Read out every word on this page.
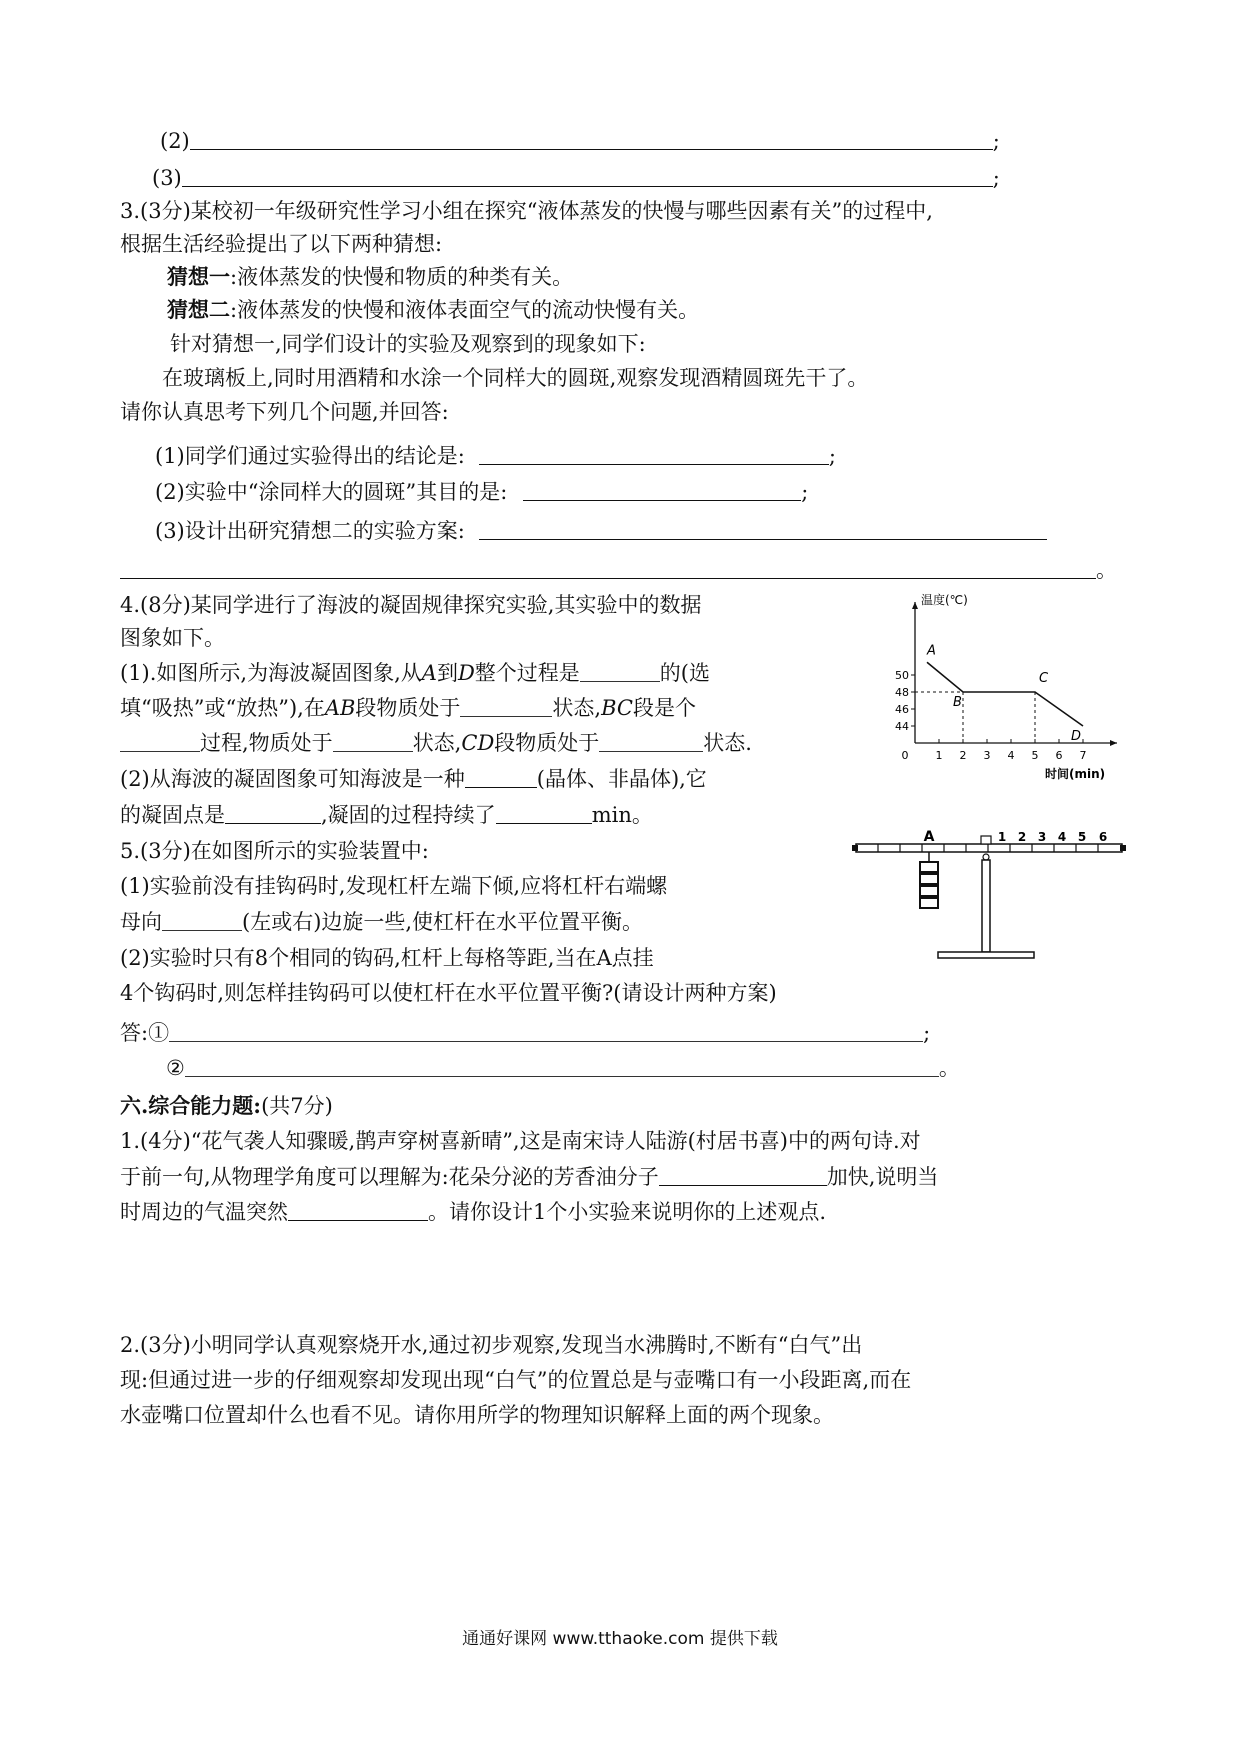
(2)	;
(3)	;
3.(3分)某校初一年级研究性学习小组在探究“液体蒸发的快慢与哪些因素有关”的过程中,
根据生活经验提出了以下两种猜想:
猜想一:液体蒸发的快慢和物质的种类有关。
猜想二:液体蒸发的快慢和液体表面空气的流动快慢有关。
针对猜想一,同学们设计的实验及观察到的现象如下:
在玻璃板上,同时用酒精和水涂一个同样大的圆斑,观察发现酒精圆斑先干了。
请你认真思考下列几个问题,并回答:
(1)同学们通过实验得出的结论是:	;
(2)实验中“涂同样大的圆斑”其目的是:	;
(3)设计出研究猜想二的实验方案:
。
4.(8分)某同学进行了海波的凝固规律探究实验,其实验中的数据
图象如下。
(1).如图所示,为海波凝固图象,从A到D整个过程是	的(选
填“吸热”或“放热”),在AB段物质处于	状态,BC段是个
过程,物质处于	状态,CD段物质处于	状态.
(2)从海波的凝固图象可知海波是一种	(晶体、非晶体),它
的凝固点是	,凝固的过程持续了	min。
温度(℃)
时间(min)
44
46
48
50
0 1 2 3 4 5 6 7
A
B
C
D
5.(3分)在如图所示的实验装置中:
(1)实验前没有挂钩码时,发现杠杆左端下倾,应将杠杆右端螺
母向	(左或右)边旋一些,使杠杆在水平位置平衡。
(2)实验时只有8个相同的钩码,杠杆上每格等距,当在A点挂
4个钩码时,则怎样挂钩码可以使杠杆在水平位置平衡?(请设计两种方案)
答:①	;
②	。
A	1 2 3 4 5 6
六.综合能力题:(共7分)
1.(4分)“花气袭人知骤暖,鹊声穿树喜新晴”,这是南宋诗人陆游(村居书喜)中的两句诗.对
于前一句,从物理学角度可以理解为:花朵分泌的芳香油分子	加快,说明当
时周边的气温突然	。请你设计1个小实验来说明你的上述观点.
2.(3分)小明同学认真观察烧开水,通过初步观察,发现当水沸腾时,不断有“白气”出
现:但通过进一步的仔细观察却发现出现“白气”的位置总是与壶嘴口有一小段距离,而在
水壶嘴口位置却什么也看不见。请你用所学的物理知识解释上面的两个现象。
通通好课网 www.tthaoke.com 提供下载
